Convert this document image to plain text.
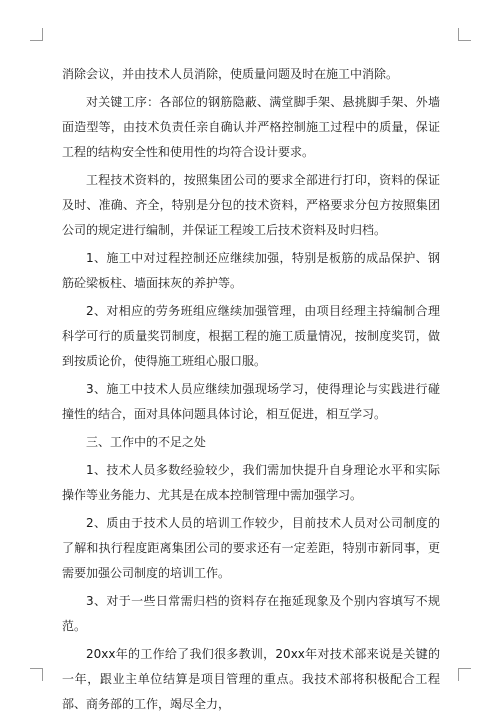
消除会议，并由技术人员消除，使质量问题及时在施工中消除。

对关键工序：各部位的钢筋隐蔽、满堂脚手架、悬挑脚手架、外墙面造型等，由技术负责任亲自确认并严格控制施工过程中的质量，保证工程的结构安全性和使用性的均符合设计要求。

工程技术资料的，按照集团公司的要求全部进行打印，资料的保证及时、准确、齐全，特别是分包的技术资料，严格要求分包方按照集团公司的规定进行编制，并保证工程竣工后技术资料及时归档。

1、施工中对过程控制还应继续加强，特别是板筋的成品保护、钢筋砼梁板柱、墙面抹灰的养护等。

2、对相应的劳务班组应继续加强管理，由项目经理主持编制合理科学可行的质量奖罚制度，根据工程的施工质量情况，按制度奖罚，做到按质论价，使得施工班组心服口服。

3、施工中技术人员应继续加强现场学习，使得理论与实践进行碰撞性的结合，面对具体问题具体讨论，相互促进，相互学习。

三、工作中的不足之处

1、技术人员多数经验较少，我们需加快提升自身理论水平和实际操作等业务能力、尤其是在成本控制管理中需加强学习。

2、质由于技术人员的培训工作较少，目前技术人员对公司制度的了解和执行程度距离集团公司的要求还有一定差距，特别市新同事，更需要加强公司制度的培训工作。

3、对于一些日常需归档的资料存在拖延现象及个别内容填写不规范。

20xx年的工作给了我们很多教训，20xx年对技术部来说是关键的一年，跟业主单位结算是项目管理的重点。我技术部将积极配合工程部、商务部的工作，竭尽全力，
